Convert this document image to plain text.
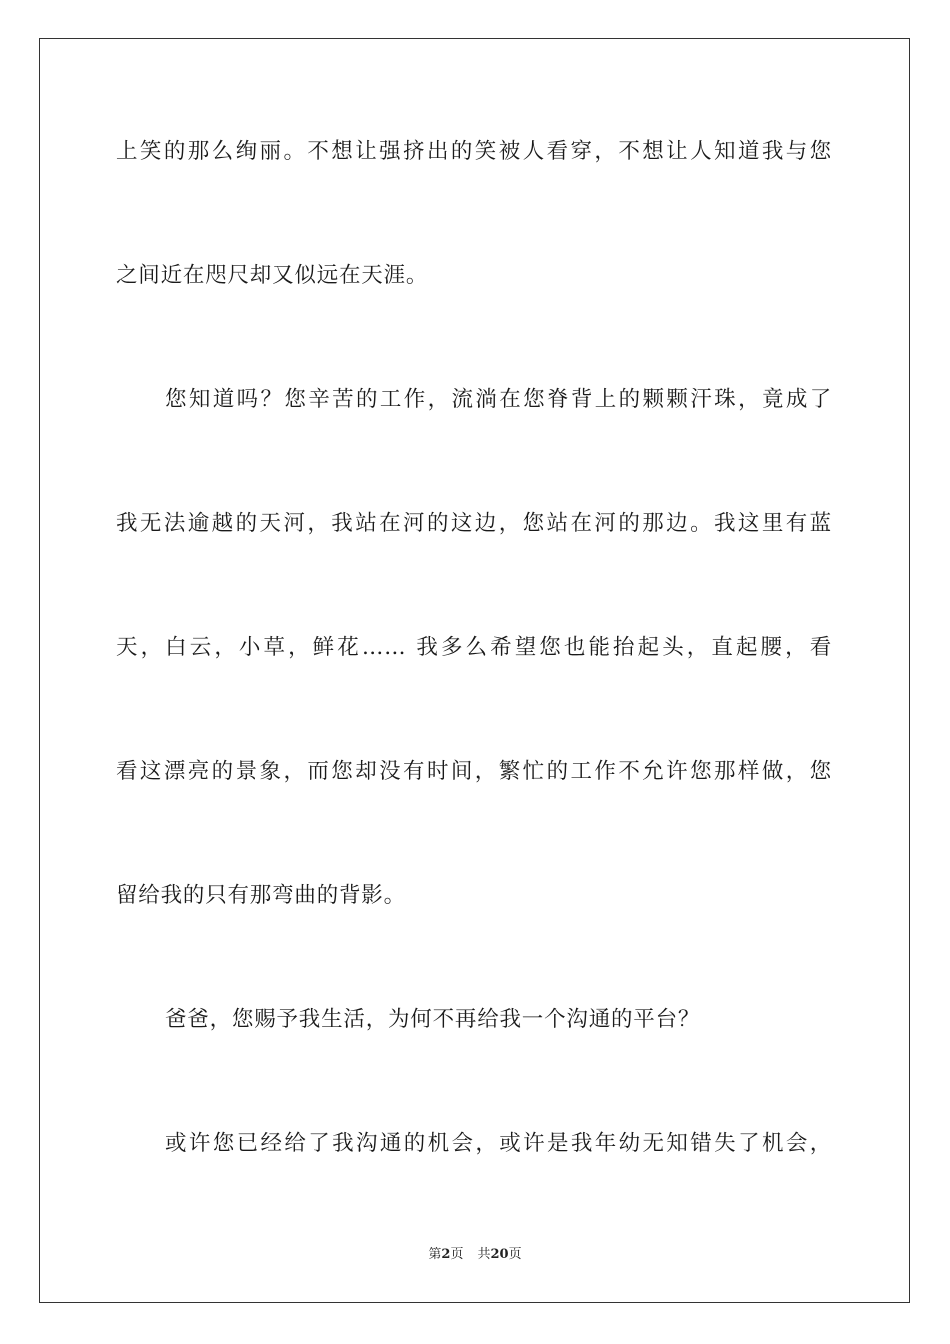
上笑的那么绚丽。不想让强挤出的笑被人看穿，不想让人知道我与您
之间近在咫尺却又似远在天涯。
您知道吗？您辛苦的工作，流淌在您脊背上的颗颗汗珠，竟成了
我无法逾越的天河，我站在河的这边，您站在河的那边。我这里有蓝
天，白云，小草，鲜花…… 我多么希望您也能抬起头，直起腰，看
看这漂亮的景象，而您却没有时间，繁忙的工作不允许您那样做，您
留给我的只有那弯曲的背影。
爸爸，您赐予我生活，为何不再给我一个沟通的平台？
或许您已经给了我沟通的机会，或许是我年幼无知错失了机会，
第2页 共20页
